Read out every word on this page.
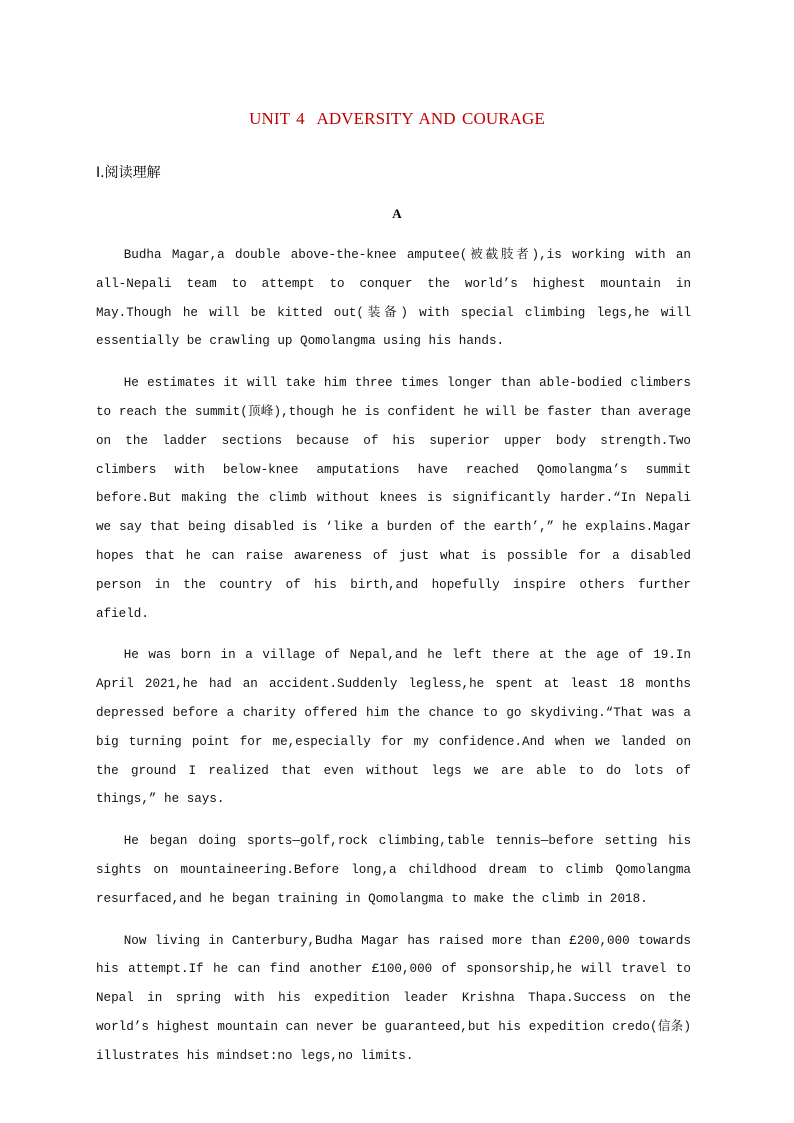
UNIT 4  ADVERSITY AND COURAGE
Ⅰ.阅读理解
A

Budha Magar,a double above-the-knee amputee(被截肢者),is working with an all-Nepali team to attempt to conquer the world’s highest mountain in May.Though he will be kitted out(装备) with special climbing legs,he will essentially be crawling up Qomolangma using his hands.

He estimates it will take him three times longer than able-bodied climbers to reach the summit(顶峰),though he is confident he will be faster than average on the ladder sections because of his superior upper body strength.Two climbers with below-knee amputations have reached Qomolangma’s summit before.But making the climb without knees is significantly harder.“In Nepali we say that being disabled is ‘like a burden of the earth’,” he explains.Magar hopes that he can raise awareness of just what is possible for a disabled person in the country of his birth,and hopefully inspire others further afield.

He was born in a village of Nepal,and he left there at the age of 19.In April 2021,he had an accident.Suddenly legless,he spent at least 18 months depressed before a charity offered him the chance to go skydiving.“That was a big turning point for me,especially for my confidence.And when we landed on the ground I realized that even without legs we are able to do lots of things,” he says.

He began doing sports—golf,rock climbing,table tennis—before setting his sights on mountaineering.Before long,a childhood dream to climb Qomolangma resurfaced,and he began training in Qomolangma to make the climb in 2018.

Now living in Canterbury,Budha Magar has raised more than £200,000 towards his attempt.If he can find another £100,000 of sponsorship,he will travel to Nepal in spring with his expedition leader Krishna Thapa.Success on the world’s highest mountain can never be guaranteed,but his expedition credo(信条) illustrates his mindset:no legs,no limits.
